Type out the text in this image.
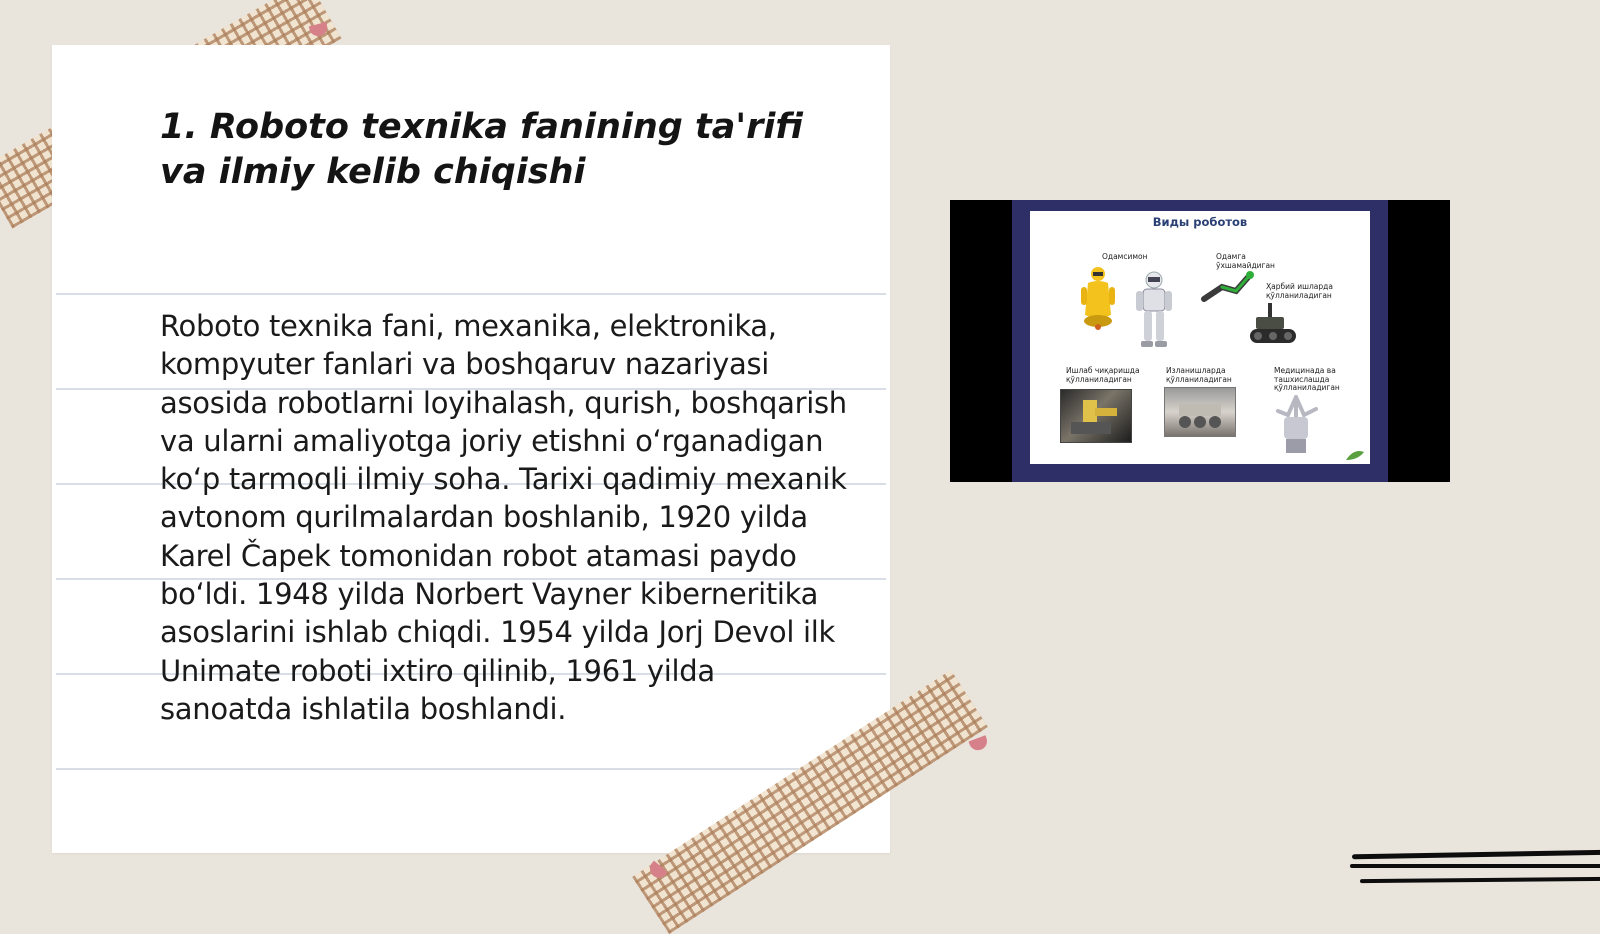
1. Roboto texnika fanining ta'rifi va ilmiy kelib chiqishi

Roboto texnika fani, mexanika, elektronika, kompyuter fanlari va boshqaruv nazariyasi asosida robotlarni loyihalash, qurish, boshqarish va ularni amaliyotga joriy etishni oʻrganadigan koʻp tarmoqli ilmiy soha. Tarixi qadimiy mexanik avtonom qurilmalardan boshlanib, 1920 yilda Karel Čapek tomonidan robot atamasi paydo boʻldi. 1948 yilda Norbert Vayner kiberneritika asoslarini ishlab chiqdi. 1954 yilda Jorj Devol ilk Unimate roboti ixtiro qilinib, 1961 yilda sanoatda ishlatila boshlandi.

Виды роботов
Одамсимон	Одамга ўхшамайдиган
Ҳарбий ишларда қўлланиладиган
Ишлаб чиқаришда қўлланиладиган
Изланишларда қўлланиладиган
Медицинада ва ташхислашда қўлланиладиган
